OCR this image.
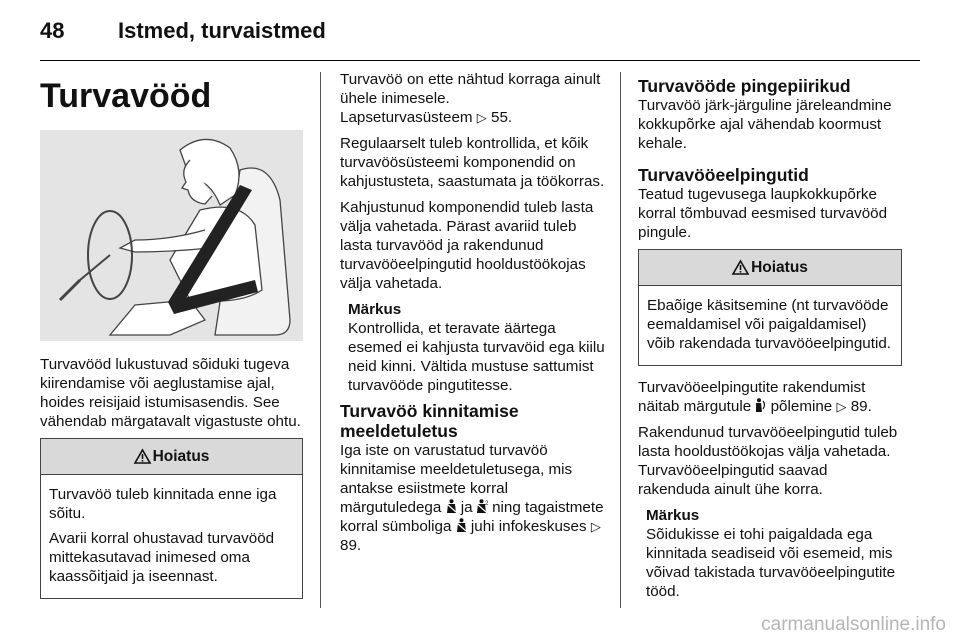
48 Istmed, turvaistmed
Turvavööd

Turvavööd lukustuvad sõiduki tugeva kiirendamise või aeglustamise ajal, hoides reisijaid istumisasendis. See vähendab märgatavalt vigastuste ohtu.

Hoiatus

Turvavöö tuleb kinnitada enne iga sõitu.

Avarii korral ohustavad turvavööd mittekasutavad inimesed oma kaassõitjaid ja iseennast.

Turvavöö on ette nähtud korraga ainult ühele inimesele.

Lapseturvasüsteem ▷ 55.

Regulaarselt tuleb kontrollida, et kõik turvavöösüsteemi komponendid on kahjustusteta, saastumata ja töökorras.

Kahjustunud komponendid tuleb lasta välja vahetada. Pärast avariid tuleb lasta turvavööd ja rakendunud turvavööeelpingutid hooldustöökojas välja vahetada.

Märkus

Kontrollida, et teravate äärtega esemed ei kahjusta turvavöid ega kiilu neid kinni. Vältida mustuse sattumist turvavööde pingutitesse.

Turvavöö kinnitamise meeldetuletus

Iga iste on varustatud turvavöö kinnitamise meeldetuletusega, mis antakse esiistmete korral märgutuledega ja 2 ning tagaistmete korral sümboliga juhi infokeskuses ▷ 89.

Turvavööde pingepiirikud

Turvavöö järk-järguline järeleandmine kokkupõrke ajal vähendab koormust kehale.

Turvavööeelpingutid

Teatud tugevusega laupkokkupõrke korral tõmbuvad eesmised turvavööd pingule.

Hoiatus

Ebaõige käsitsemine (nt turvavööde eemaldamisel või paigaldamisel) võib rakendada turvavööeelpingutid.

Turvavööeelpingutite rakendumist näitab märgutule põlemine ▷ 89.

Rakendunud turvavööeelpingutid tuleb lasta hooldustöökojas välja vahetada. Turvavööeelpingutid saavad rakenduda ainult ühe korra.

Märkus

Sõidukisse ei tohi paigaldada ega kinnitada seadiseid või esemeid, mis võivad takistada turvavööeelpingutite tööd.

carmanualsonline.info
